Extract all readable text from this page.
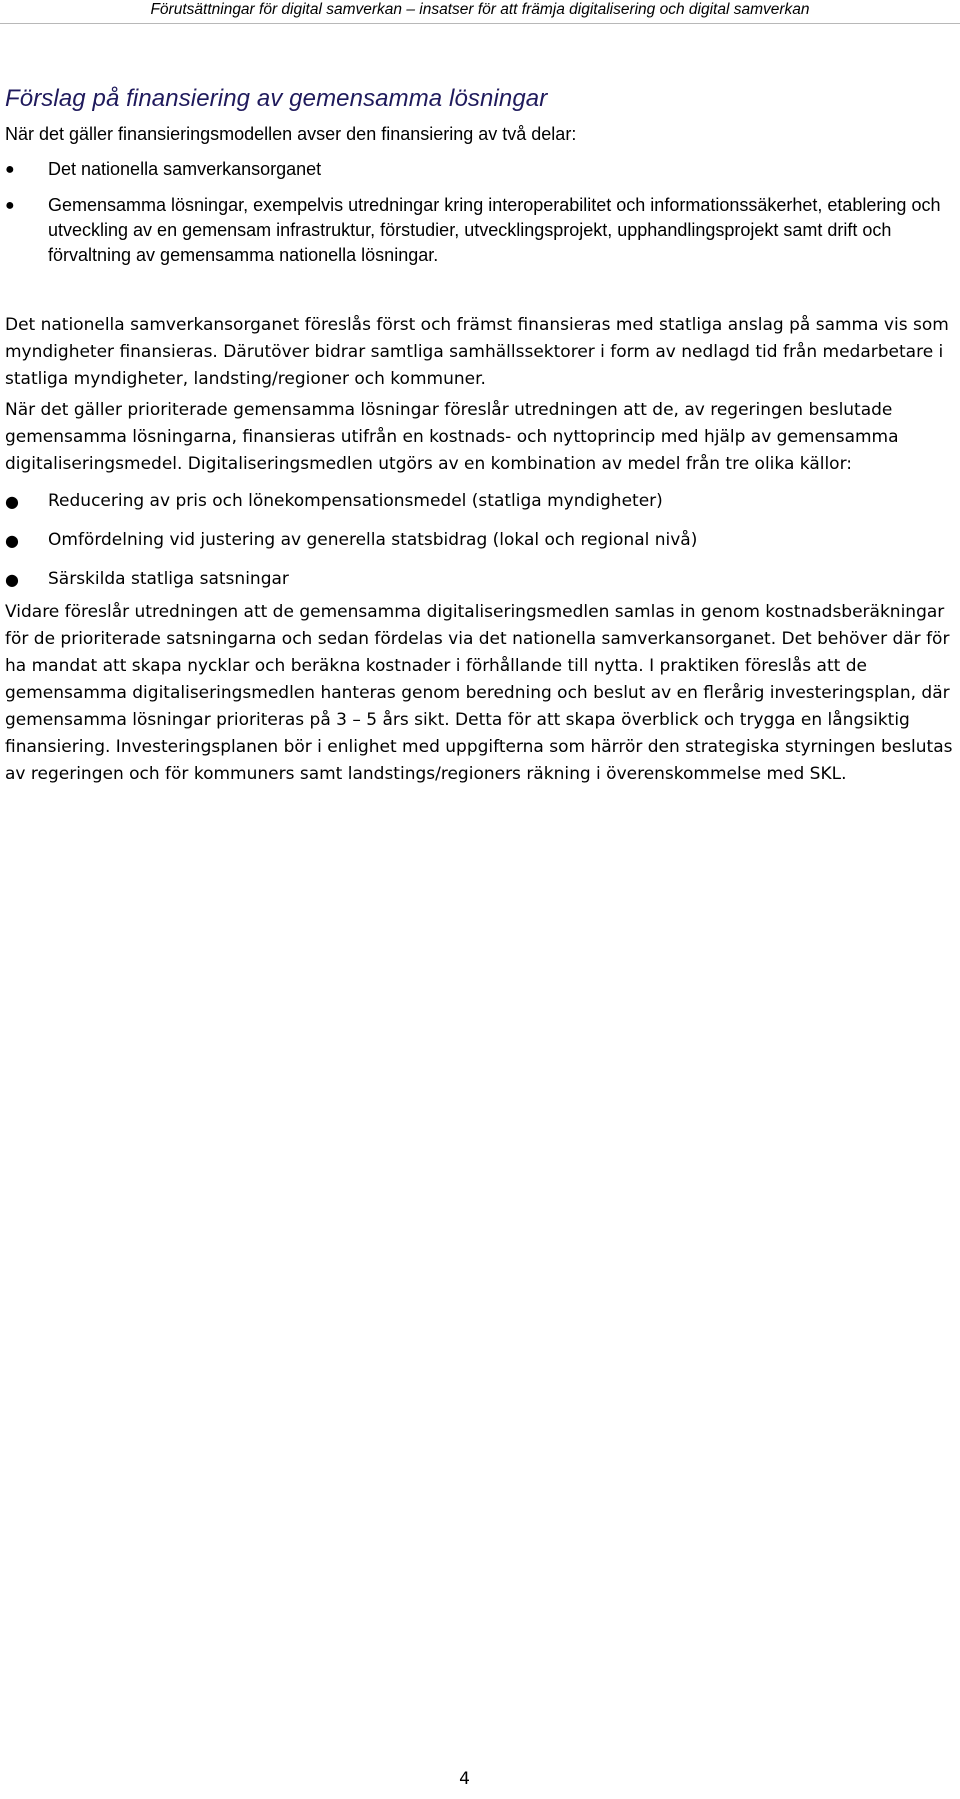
Förutsättningar för digital samverkan – insatser för att främja digitalisering och digital samverkan
Förslag på finansiering av gemensamma lösningar

När det gäller finansieringsmodellen avser den finansiering av två delar:

● Det nationella samverkansorganet
● Gemensamma lösningar, exempelvis utredningar kring interoperabilitet och informationssäkerhet, etablering och utveckling av en gemensam infrastruktur, förstudier, utvecklingsprojekt, upphandlingsprojekt samt drift och förvaltning av gemensamma nationella lösningar.

Det nationella samverkansorganet föreslås först och främst finansieras med statliga anslag på samma vis som myndigheter finansieras. Därutöver bidrar samtliga samhällssektorer i form av nedlagd tid från medarbetare i statliga myndigheter, landsting/regioner och kommuner.

När det gäller prioriterade gemensamma lösningar föreslår utredningen att de, av regeringen beslutade gemensamma lösningarna, finansieras utifrån en kostnads- och nyttoprincip med hjälp av gemensamma digitaliseringsmedel. Digitaliseringsmedlen utgörs av en kombination av medel från tre olika källor:

● Reducering av pris och lönekompensationsmedel (statliga myndigheter)
● Omfördelning vid justering av generella statsbidrag (lokal och regional nivå)
● Särskilda statliga satsningar

Vidare föreslår utredningen att de gemensamma digitaliseringsmedlen samlas in genom kostnadsberäkningar för de prioriterade satsningarna och sedan fördelas via det nationella samverkansorganet. Det behöver där för ha mandat att skapa nycklar och beräkna kostnader i förhållande till nytta. I praktiken föreslås att de gemensamma digitaliseringsmedlen hanteras genom beredning och beslut av en flerårig investeringsplan, där gemensamma lösningar prioriteras på 3 – 5 års sikt. Detta för att skapa överblick och trygga en långsiktig finansiering. Investeringsplanen bör i enlighet med uppgifterna som härrör den strategiska styrningen beslutas av regeringen och för kommuners samt landstings/regioners räkning i överenskommelse med SKL.

4
